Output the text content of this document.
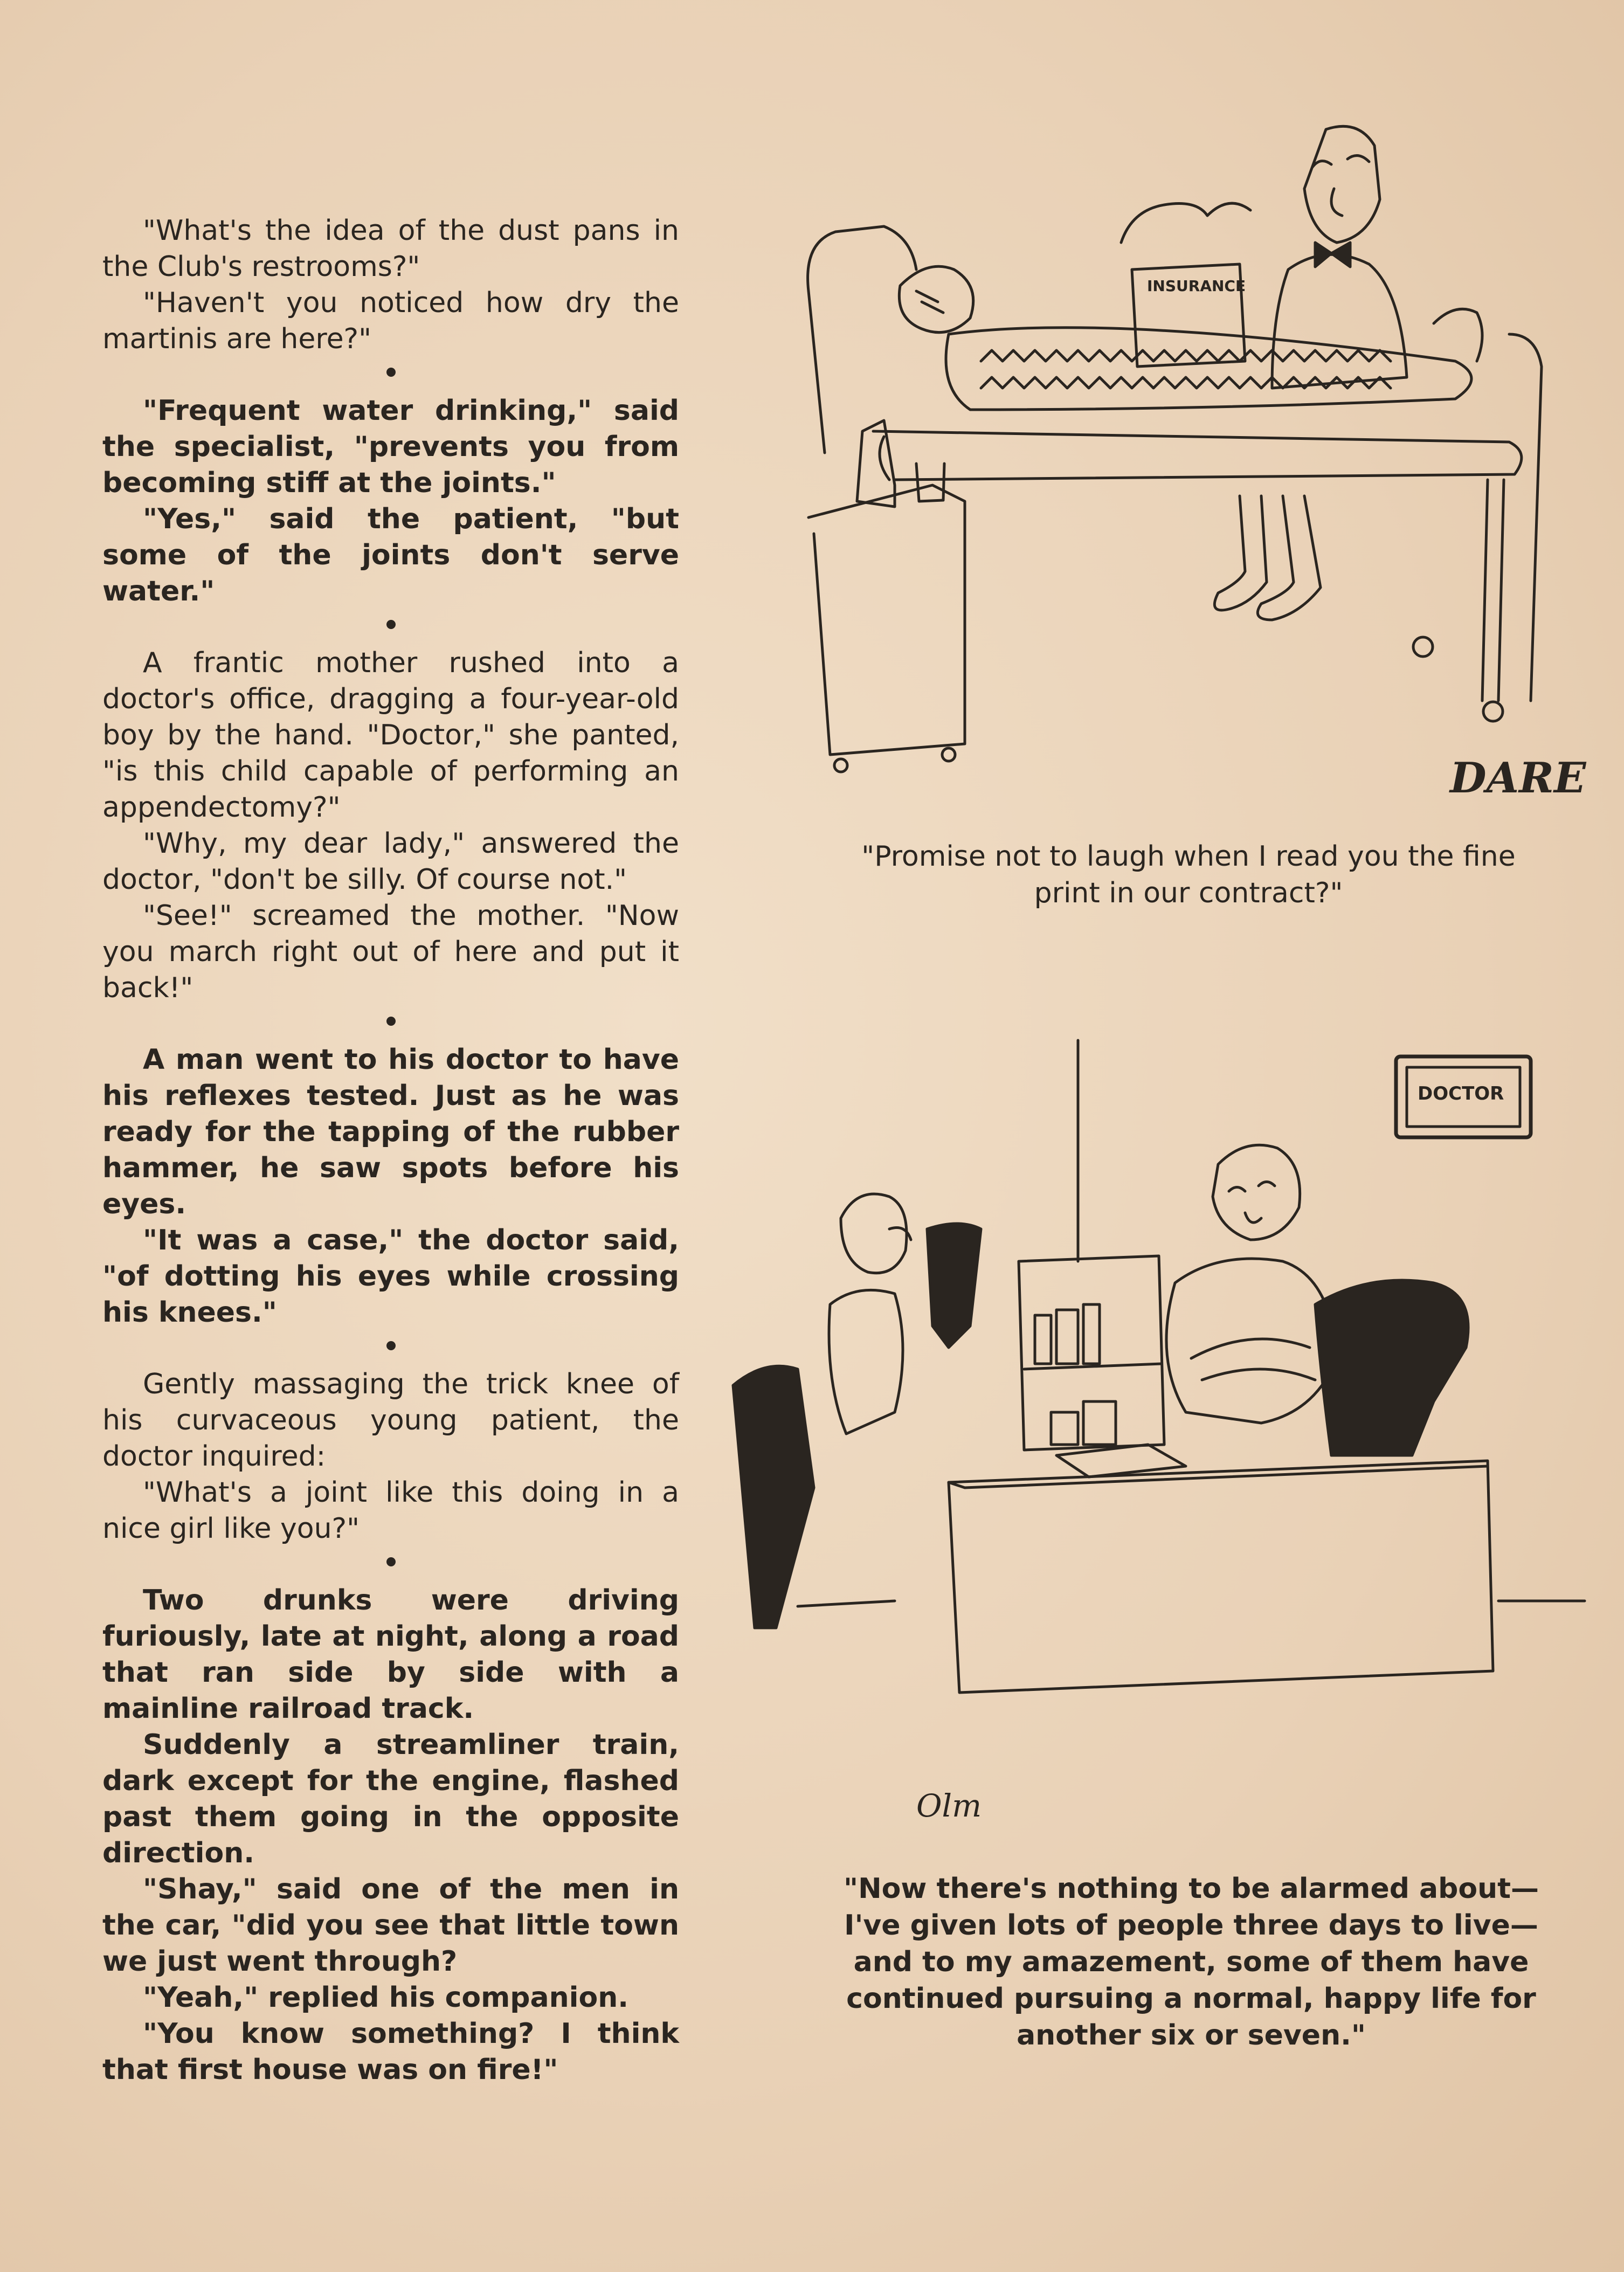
"What's the idea of the dust pans in the Club's restrooms?"

"Haven't you noticed how dry the martinis are here?"

"Frequent water drinking," said the specialist, "prevents you from becoming stiff at the joints."

"Yes," said the patient, "but some of the joints don't serve water."

A frantic mother rushed into a doctor's office, dragging a four-year-old boy by the hand. "Doctor," she panted, "is this child capable of performing an appendectomy?"

"Why, my dear lady," answered the doctor, "don't be silly. Of course not."

"See!" screamed the mother. "Now you march right out of here and put it back!"

A man went to his doctor to have his reflexes tested. Just as he was ready for the tapping of the rubber hammer, he saw spots before his eyes.

"It was a case," the doctor said, "of dotting his eyes while crossing his knees."

Gently massaging the trick knee of his curvaceous young patient, the doctor inquired:

"What's a joint like this doing in a nice girl like you?"

Two drunks were driving furiously, late at night, along a road that ran side by side with a mainline railroad track.

Suddenly a streamliner train, dark except for the engine, flashed past them going in the opposite direction.

"Shay," said one of the men in the car, "did you see that little town we just went through?

"Yeah," replied his companion.

"You know something? I think that first house was on fire!"

INSURANCE
DARE
"Promise not to laugh when I read you the fine print in our contract?"
DOCTOR
Olm
"Now there's nothing to be alarmed about—I've given lots of people three days to live—and to my amazement, some of them have continued pursuing a normal, happy life for another six or seven."
